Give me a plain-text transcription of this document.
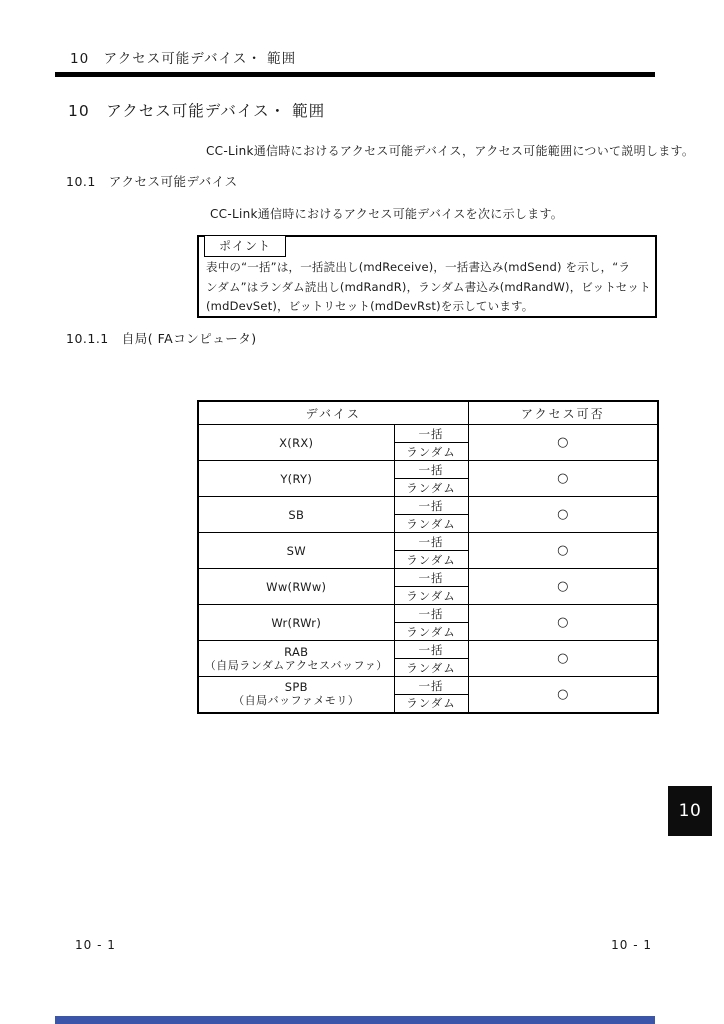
10　アクセス可能デバイス・ 範囲
10　アクセス可能デバイス・ 範囲
CC-Link通信時におけるアクセス可能デバイス，アクセス可能範囲について説明します。
10.1　アクセス可能デバイス
CC-Link通信時におけるアクセス可能デバイスを次に示します。
ポイント
表中の“一括”は，一括読出し(mdReceive)，一括書込み(mdSend) を示し，“ラ
ンダム”はランダム読出し(mdRandR)，ランダム書込み(mdRandW)，ビットセット
(mdDevSet)，ビットリセット(mdDevRst)を示しています。
10.1.1　自局( FAコンピュータ)

デバイス		アクセス可否

X(RX)	一括	○
	ランダム	

Y(RY)	一括	○
	ランダム	

SB	一括	○
	ランダム	

SW	一括	○
	ランダム	

Ww(RWw)	一括	○
	ランダム	

Wr(RWr)	一括	○
	ランダム	

RAB
（自局ランダムアクセスバッファ）	一括	○
	ランダム	

SPB
（自局バッファメモリ）	一括	○
	ランダム	

10
10 - 1	10 - 1
